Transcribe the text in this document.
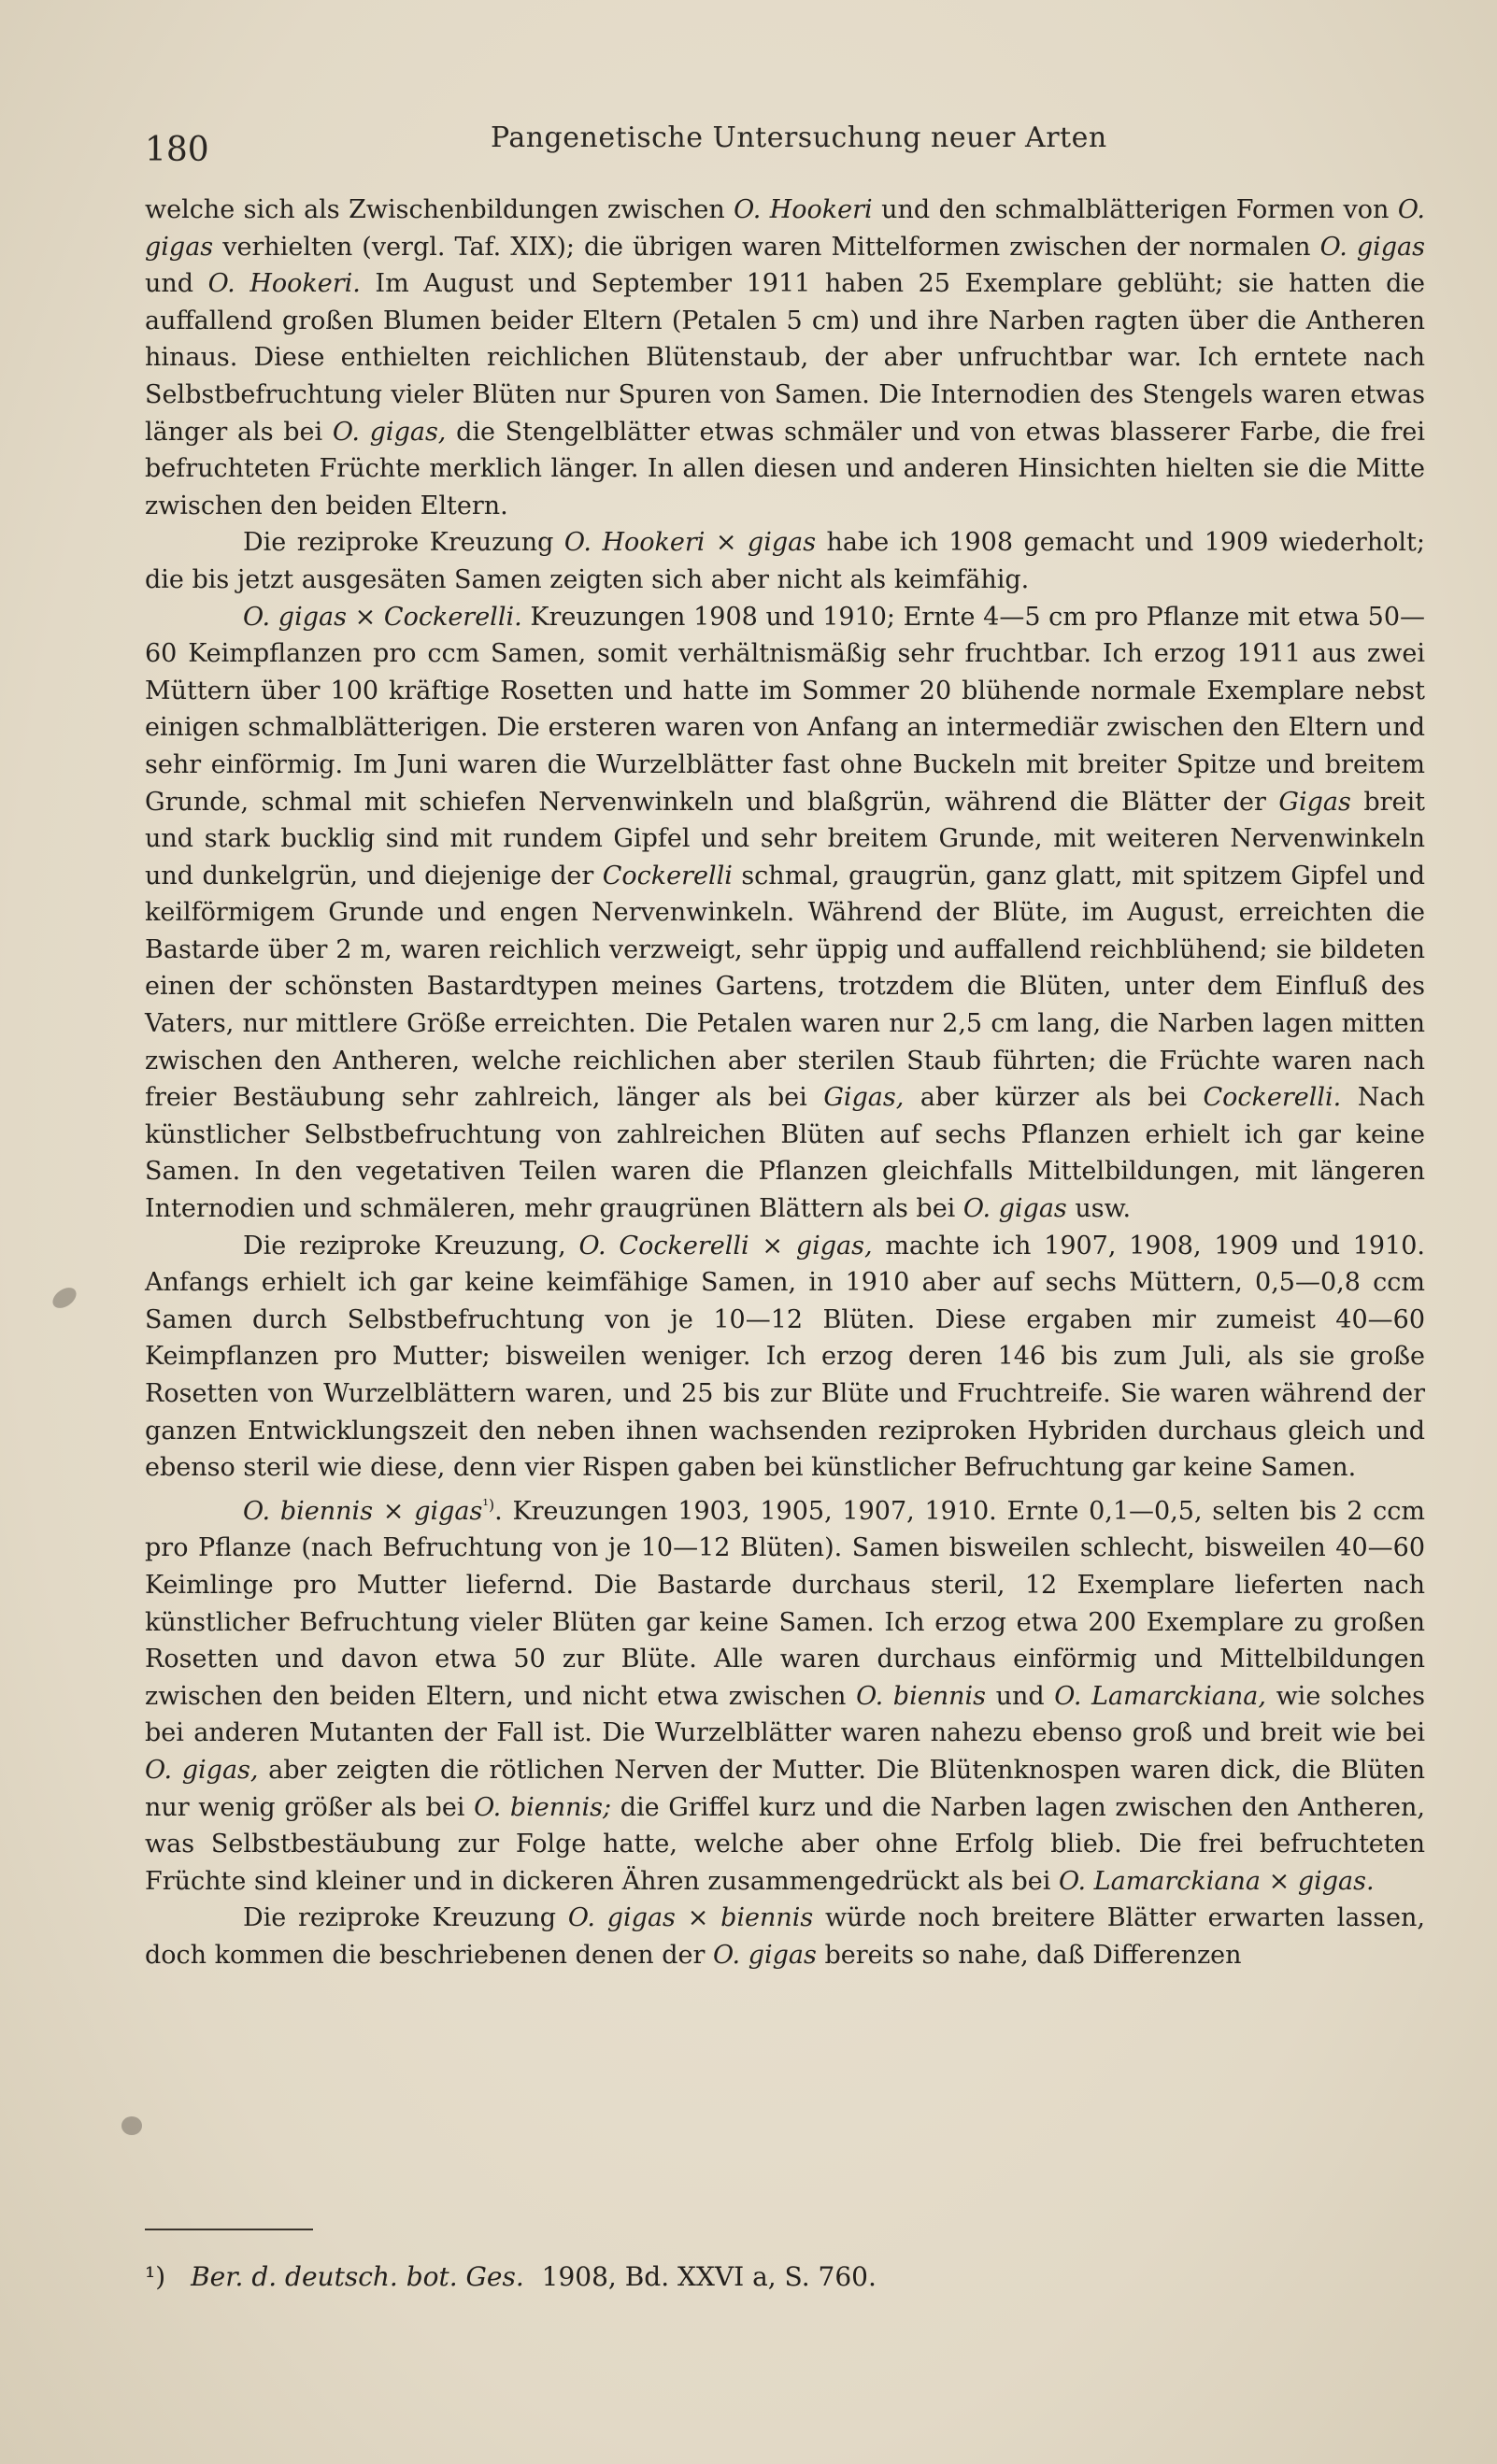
180	Pangenetische Untersuchung neuer Arten

welche sich als Zwischenbildungen zwischen O. Hookeri und den schmalblätterigen Formen von O. gigas verhielten (vergl. Taf. XIX); die übrigen waren Mittelformen zwischen der normalen O. gigas und O. Hookeri. Im August und September 1911 haben 25 Exemplare geblüht; sie hatten die auffallend großen Blumen beider Eltern (Petalen 5 cm) und ihre Narben ragten über die Antheren hinaus. Diese enthielten reichlichen Blütenstaub, der aber unfruchtbar war. Ich erntete nach Selbstbefruchtung vieler Blüten nur Spuren von Samen. Die Internodien des Stengels waren etwas länger als bei O. gigas, die Stengelblätter etwas schmäler und von etwas blasserer Farbe, die frei befruchteten Früchte merklich länger. In allen diesen und anderen Hinsichten hielten sie die Mitte zwischen den beiden Eltern.

Die reziproke Kreuzung O. Hookeri × gigas habe ich 1908 gemacht und 1909 wiederholt; die bis jetzt ausgesäten Samen zeigten sich aber nicht als keimfähig.

O. gigas × Cockerelli. Kreuzungen 1908 und 1910; Ernte 4—5 cm pro Pflanze mit etwa 50—60 Keimpflanzen pro ccm Samen, somit verhältnismäßig sehr fruchtbar. Ich erzog 1911 aus zwei Müttern über 100 kräftige Rosetten und hatte im Sommer 20 blühende normale Exemplare nebst einigen schmalblätterigen. Die ersteren waren von Anfang an intermediär zwischen den Eltern und sehr einförmig. Im Juni waren die Wurzelblätter fast ohne Buckeln mit breiter Spitze und breitem Grunde, schmal mit schiefen Nervenwinkeln und blaßgrün, während die Blätter der Gigas breit und stark bucklig sind mit rundem Gipfel und sehr breitem Grunde, mit weiteren Nervenwinkeln und dunkelgrün, und diejenige der Cockerelli schmal, graugrün, ganz glatt, mit spitzem Gipfel und keilförmigem Grunde und engen Nervenwinkeln. Während der Blüte, im August, erreichten die Bastarde über 2 m, waren reichlich verzweigt, sehr üppig und auffallend reichblühend; sie bildeten einen der schönsten Bastardtypen meines Gartens, trotzdem die Blüten, unter dem Einfluß des Vaters, nur mittlere Größe erreichten. Die Petalen waren nur 2,5 cm lang, die Narben lagen mitten zwischen den Antheren, welche reichlichen aber sterilen Staub führten; die Früchte waren nach freier Bestäubung sehr zahlreich, länger als bei Gigas, aber kürzer als bei Cockerelli. Nach künstlicher Selbstbefruchtung von zahlreichen Blüten auf sechs Pflanzen erhielt ich gar keine Samen. In den vegetativen Teilen waren die Pflanzen gleichfalls Mittelbildungen, mit längeren Internodien und schmäleren, mehr graugrünen Blättern als bei O. gigas usw.

Die reziproke Kreuzung, O. Cockerelli × gigas, machte ich 1907, 1908, 1909 und 1910. Anfangs erhielt ich gar keine keimfähige Samen, in 1910 aber auf sechs Müttern, 0,5—0,8 ccm Samen durch Selbstbefruchtung von je 10—12 Blüten. Diese ergaben mir zumeist 40—60 Keimpflanzen pro Mutter; bisweilen weniger. Ich erzog deren 146 bis zum Juli, als sie große Rosetten von Wurzelblättern waren, und 25 bis zur Blüte und Fruchtreife. Sie waren während der ganzen Entwicklungszeit den neben ihnen wachsenden reziproken Hybriden durchaus gleich und ebenso steril wie diese, denn vier Rispen gaben bei künstlicher Befruchtung gar keine Samen.

O. biennis × gigas$^{^1)}$. Kreuzungen 1903, 1905, 1907, 1910. Ernte 0,1—0,5, selten bis 2 ccm pro Pflanze (nach Befruchtung von je 10—12 Blüten). Samen bisweilen schlecht, bisweilen 40—60 Keimlinge pro Mutter liefernd. Die Bastarde durchaus steril, 12 Exemplare lieferten nach künstlicher Befruchtung vieler Blüten gar keine Samen. Ich erzog etwa 200 Exemplare zu großen Rosetten und davon etwa 50 zur Blüte. Alle waren durchaus einförmig und Mittelbildungen zwischen den beiden Eltern, und nicht etwa zwischen O. biennis und O. Lamarckiana, wie solches bei anderen Mutanten der Fall ist. Die Wurzelblätter waren nahezu ebenso groß und breit wie bei O. gigas, aber zeigten die rötlichen Nerven der Mutter. Die Blütenknospen waren dick, die Blüten nur wenig größer als bei O. biennis; die Griffel kurz und die Narben lagen zwischen den Antheren, was Selbstbestäubung zur Folge hatte, welche aber ohne Erfolg blieb. Die frei befruchteten Früchte sind kleiner und in dickeren Ähren zusammengedrückt als bei O. Lamarckiana × gigas.

Die reziproke Kreuzung O. gigas × biennis würde noch breitere Blätter erwarten lassen, doch kommen die beschriebenen denen der O. gigas bereits so nahe, daß Differenzen

¹) Ber. d. deutsch. bot. Ges. 1908, Bd. XXVI a, S. 760.
